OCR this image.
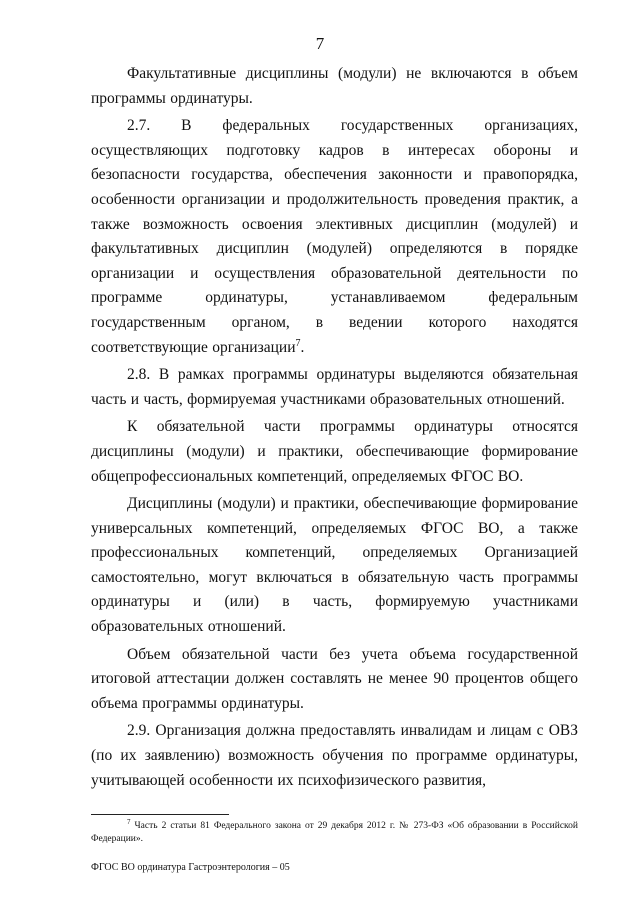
7

Факультативные дисциплины (модули) не включаются в объем программы ординатуры.

2.7. В федеральных государственных организациях, осуществляющих подготовку кадров в интересах обороны и безопасности государства, обеспечения законности и правопорядка, особенности организации и продолжительность проведения практик, а также возможность освоения элективных дисциплин (модулей) и факультативных дисциплин (модулей) определяются в порядке организации и осуществления образовательной деятельности по программе ординатуры, устанавливаемом федеральным государственным органом, в ведении которого находятся соответствующие организации$^7$.

2.8. В рамках программы ординатуры выделяются обязательная часть и часть, формируемая участниками образовательных отношений.

К обязательной части программы ординатуры относятся дисциплины (модули) и практики, обеспечивающие формирование общепрофессиональных компетенций, определяемых ФГОС ВО.

Дисциплины (модули) и практики, обеспечивающие формирование универсальных компетенций, определяемых ФГОС ВО, а также профессиональных компетенций, определяемых Организацией самостоятельно, могут включаться в обязательную часть программы ординатуры и (или) в часть, формируемую участниками образовательных отношений.

Объем обязательной части без учета объема государственной итоговой аттестации должен составлять не менее 90 процентов общего объема программы ординатуры.

2.9. Организация должна предоставлять инвалидам и лицам с ОВЗ (по их заявлению) возможность обучения по программе ординатуры, учитывающей особенности их психофизического развития,

$^7$ Часть 2 статьи 81 Федерального закона от 29 декабря 2012 г. № 273-ФЗ «Об образовании в Российской Федерации».
ФГОС ВО ординатура Гастроэнтерология – 05
